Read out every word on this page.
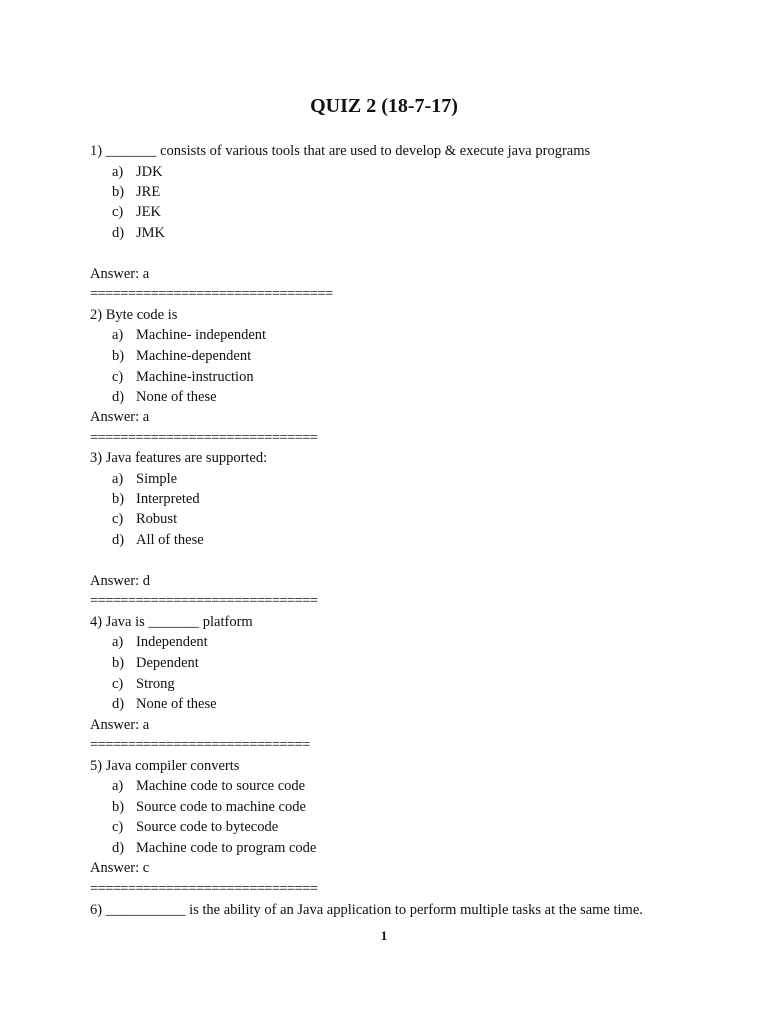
QUIZ 2 (18-7-17)
1) _______ consists of various tools that are used to develop & execute java programs
a) JDK
b) JRE
c) JEK
d) JMK
Answer: a
================================
2) Byte code is
a) Machine- independent
b) Machine-dependent
c) Machine-instruction
d) None of these
Answer: a
==============================
3) Java features are supported:
a) Simple
b) Interpreted
c) Robust
d) All of these
Answer: d
==============================
4) Java is _______ platform
a) Independent
b) Dependent
c) Strong
d) None of these
Answer: a
=============================
5) Java compiler converts
a) Machine code to source code
b) Source code to machine code
c) Source code to bytecode
d) Machine code to program code
Answer: c
==============================
6) ___________ is the ability of an Java application to perform multiple tasks at the same time.
1
